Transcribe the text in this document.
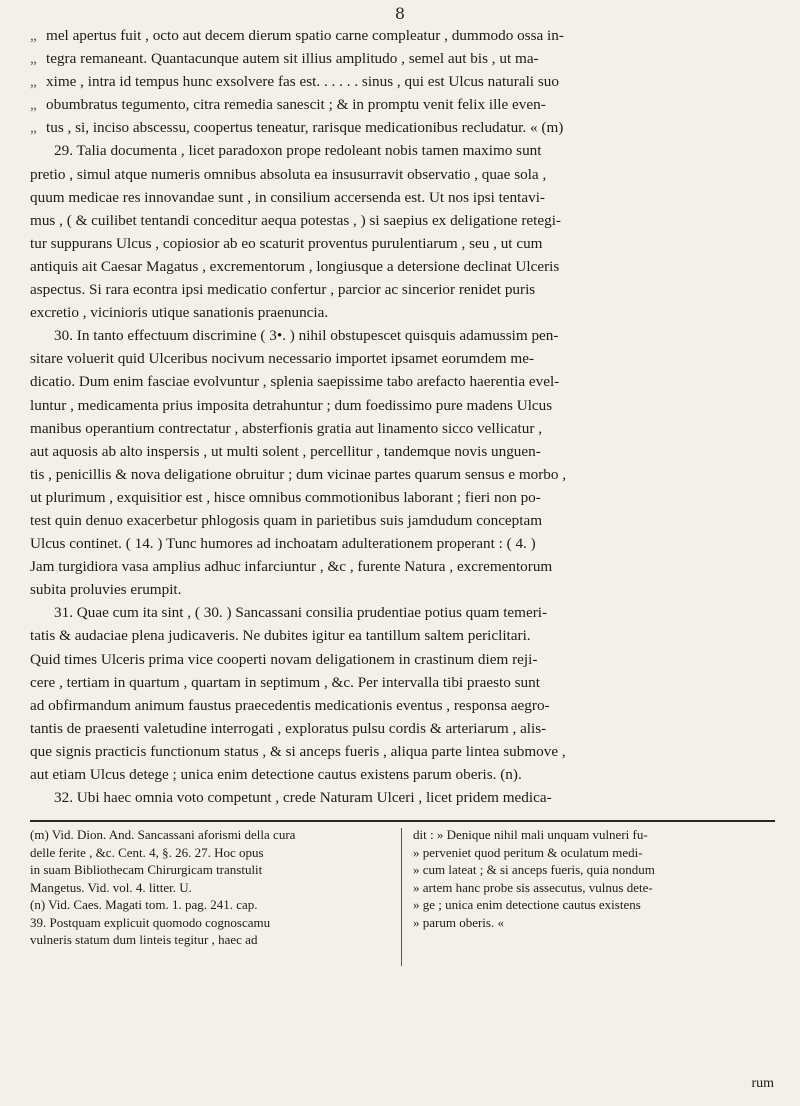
8

„ mel apertus fuit , octo aut decem dierum spatio carne compleatur , dummodo ossa in-

„ tegra remaneant. Quantacunque autem sit illius amplitudo , semel aut bis , ut ma-

„ xime , intra id tempus hunc exsolvere fas est. . . . . . sinus , qui est Ulcus naturali suo

„ obumbratus tegumento, citra remedia sanescit ; & in promptu venit felix ille even-

„ tus , si, inciso abscessu, coopertus teneatur, rarisque medicationibus recludatur. « (m)

29. Talia documenta , licet paradoxon prope redoleant nobis tamen maximo sunt

pretio , simul atque numeris omnibus absoluta ea insusurravit observatio , quae sola ,

quum medicae res innovandae sunt , in consilium accersenda est. Ut nos ipsi tentavi-

mus , ( & cuilibet tentandi conceditur aequa potestas , ) si saepius ex deligatione retegi-

tur suppurans Ulcus , copiosior ab eo scaturit proventus purulentiarum , seu , ut cum

antiquis ait Caesar Magatus , excrementorum , longiusque a detersione declinat Ulceris

aspectus. Si rara econtra ipsi medicatio confertur , parcior ac sincerior renidet puris

excretio , vicinioris utique sanationis praenuncia.

30. In tanto effectuum discrimine ( 3•. ) nihil obstupescet quisquis adamussim pen-

sitare voluerit quid Ulceribus nocivum necessario importet ipsamet eorumdem me-

dicatio. Dum enim fasciae evolvuntur , splenia saepissime tabo arefacto haerentia evel-

luntur , medicamenta prius imposita detrahuntur ; dum foedissimo pure madens Ulcus

manibus operantium contrectatur , absterfionis gratia aut linamento sicco vellicatur ,

aut aquosis ab alto inspersis , ut multi solent , percellitur , tandemque novis unguen-

tis , penicillis & nova deligatione obruitur ; dum vicinae partes quarum sensus e morbo ,

ut plurimum , exquisitior est , hisce omnibus commotionibus laborant ; fieri non po-

test quin denuo exacerbetur phlogosis quam in parietibus suis jamdudum conceptam

Ulcus continet. ( 14. ) Tunc humores ad inchoatam adulterationem properant : ( 4. )

Jam turgidiora vasa amplius adhuc infarciuntur , &c , furente Natura , excrementorum

subita proluvies erumpit.

31. Quae cum ita sint , ( 30. ) Sancassani consilia prudentiae potius quam temeri-

tatis & audaciae plena judicaveris. Ne dubites igitur ea tantillum saltem periclitari.

Quid times Ulceris prima vice cooperti novam deligationem in crastinum diem reji-

cere , tertiam in quartum , quartam in septimum , &c. Per intervalla tibi praesto sunt

ad obfirmandum animum faustus praecedentis medicationis eventus , responsa aegro-

tantis de praesenti valetudine interrogati , exploratus pulsu cordis & arteriarum , alis-

que signis practicis functionum status , & si anceps fueris , aliqua parte lintea submove ,

aut etiam Ulcus detege ; unica enim detectione cautus existens parum oberis. (n).

32. Ubi haec omnia voto competunt , crede Naturam Ulceri , licet pridem medica-

(m) Vid. Dion. And. Sancassani aforismi della cura

delle ferite , &c. Cent. 4, §. 26. 27. Hoc opus

in suam Bibliothecam Chirurgicam transtulit

Mangetus. Vid. vol. 4. litter. U.

(n) Vid. Caes. Magati tom. 1. pag. 241. cap.

39. Postquam explicuit quomodo cognoscamu

vulneris statum dum linteis tegitur , haec ad

dit : » Denique nihil mali unquam vulneri fu-

» perveniet quod peritum & oculatum medi-

» cum lateat ; & si anceps fueris, quia nondum

» artem hanc probe sis assecutus, vulnus dete-

» ge ; unica enim detectione cautus existens

» parum oberis. «

rum
